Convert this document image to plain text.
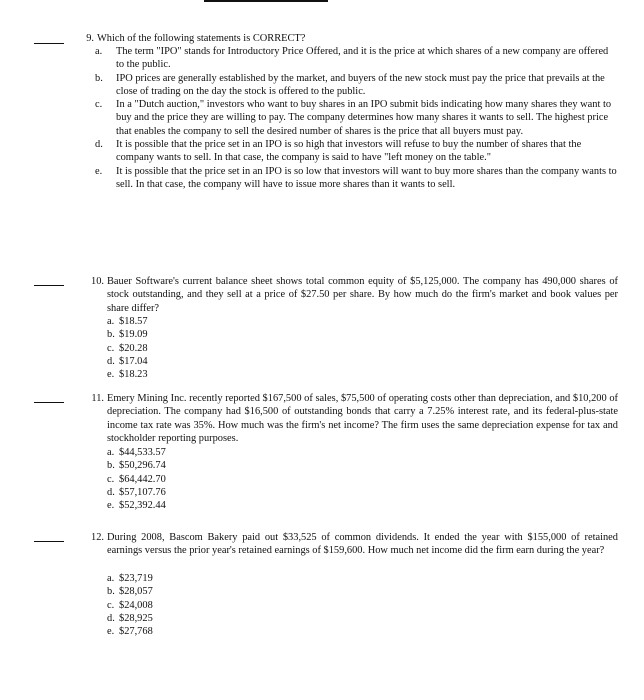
9. Which of the following statements is CORRECT?
a. The term "IPO" stands for Introductory Price Offered, and it is the price at which shares of a new company are offered to the public.
b. IPO prices are generally established by the market, and buyers of the new stock must pay the price that prevails at the close of trading on the day the stock is offered to the public.
c. In a "Dutch auction," investors who want to buy shares in an IPO submit bids indicating how many shares they want to buy and the price they are willing to pay. The company determines how many shares it wants to sell. The highest price that enables the company to sell the desired number of shares is the price that all buyers must pay.
d. It is possible that the price set in an IPO is so high that investors will refuse to buy the number of shares that the company wants to sell. In that case, the company is said to have "left money on the table."
e. It is possible that the price set in an IPO is so low that investors will want to buy more shares than the company wants to sell. In that case, the company will have to issue more shares than it wants to sell.
10. Bauer Software's current balance sheet shows total common equity of $5,125,000. The company has 490,000 shares of stock outstanding, and they sell at a price of $27.50 per share. By how much do the firm's market and book values per share differ?
a. $18.57
b. $19.09
c. $20.28
d. $17.04
e. $18.23
11. Emery Mining Inc. recently reported $167,500 of sales, $75,500 of operating costs other than depreciation, and $10,200 of depreciation. The company had $16,500 of outstanding bonds that carry a 7.25% interest rate, and its federal-plus-state income tax rate was 35%. How much was the firm's net income? The firm uses the same depreciation expense for tax and stockholder reporting purposes.
a. $44,533.57
b. $50,296.74
c. $64,442.70
d. $57,107.76
e. $52,392.44
12. During 2008, Bascom Bakery paid out $33,525 of common dividends. It ended the year with $155,000 of retained earnings versus the prior year's retained earnings of $159,600. How much net income did the firm earn during the year?
a. $23,719
b. $28,057
c. $24,008
d. $28,925
e. $27,768
